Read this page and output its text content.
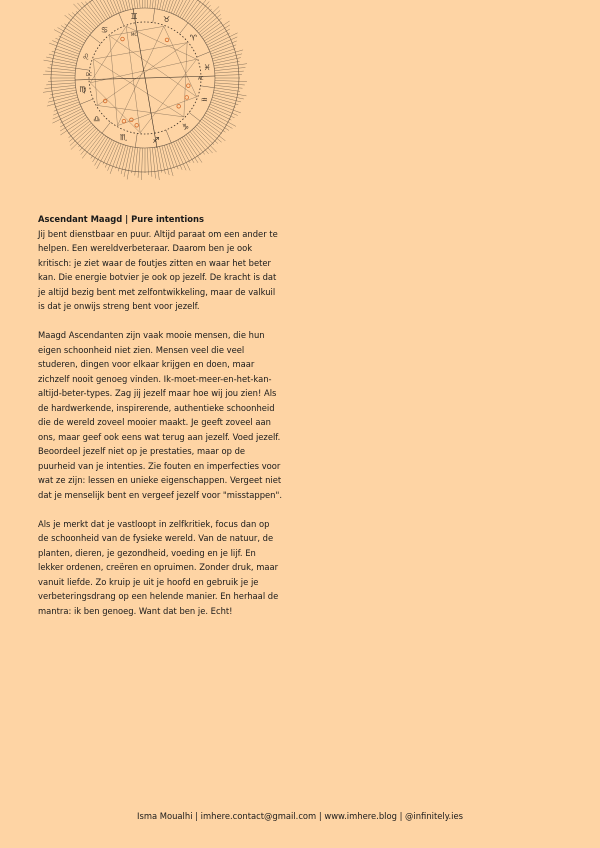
♊	♉
♈
♓
♒
♑
♐
♏
♎
♍
♌
♋	MC
AC
DC
Ascendant Maagd | Pure intentions

Jij bent dienstbaar en puur. Altijd paraat om een ander te helpen. Een wereldverbeteraar. Daarom ben je ook kritisch: je ziet waar de foutjes zitten en waar het beter kan. Die energie botvier je ook op jezelf. De kracht is dat je altijd bezig bent met zelfontwikkeling, maar de valkuil is dat je onwijs streng bent voor jezelf.

Maagd Ascendanten zijn vaak mooie mensen, die hun eigen schoonheid niet zien. Mensen veel die veel studeren, dingen voor elkaar krijgen en doen, maar zichzelf nooit genoeg vinden. Ik-moet-meer-en-het-kan-altijd-beter-types. Zag jij jezelf maar hoe wij jou zien! Als de hardwerkende, inspirerende, authentieke schoonheid die de wereld zoveel mooier maakt. Je geeft zoveel aan ons, maar geef ook eens wat terug aan jezelf. Voed jezelf. Beoordeel jezelf niet op je prestaties, maar op de puurheid van je intenties. Zie fouten en imperfecties voor wat ze zijn: lessen en unieke eigenschappen. Vergeet niet dat je menselijk bent en vergeef jezelf voor "misstappen".

Als je merkt dat je vastloopt in zelfkritiek, focus dan op de schoonheid van de fysieke wereld. Van de natuur, de planten, dieren, je gezondheid, voeding en je lijf. En lekker ordenen, creëren en opruimen. Zonder druk, maar vanuit liefde. Zo kruip je uit je hoofd en gebruik je je verbeteringsdrang op een helende manier. En herhaal de mantra: ik ben genoeg. Want dat ben je. Echt!

Isma Moualhi | imhere.contact@gmail.com | www.imhere.blog | @infinitely.ies
